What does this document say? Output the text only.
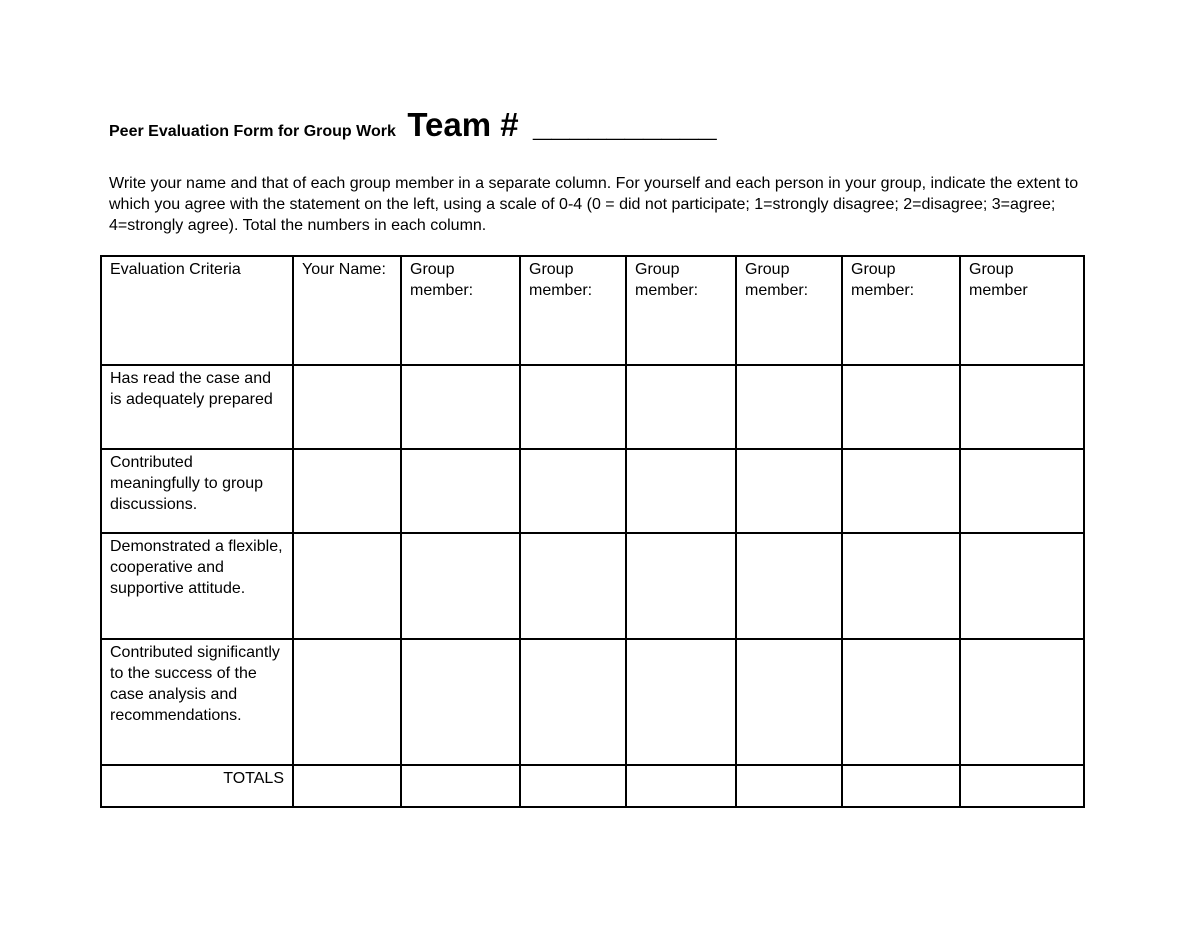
Peer Evaluation Form for Group Work Team # __________
Write your name and that of each group member in a separate column. For yourself and each person in your group, indicate the extent to which you agree with the statement on the left, using a scale of 0-4 (0 = did not participate; 1=strongly disagree; 2=disagree; 3=agree; 4=strongly agree). Total the numbers in each column.
Evaluation Criteria	Your Name:	Group member:	Group member:	Group member:	Group member:	Group member:	Group member
Has read the case and is adequately prepared							
Contributed meaningfully to group discussions.							
Demonstrated a flexible, cooperative and supportive attitude.							
Contributed significantly to the success of the case analysis and recommendations.							
TOTALS							
